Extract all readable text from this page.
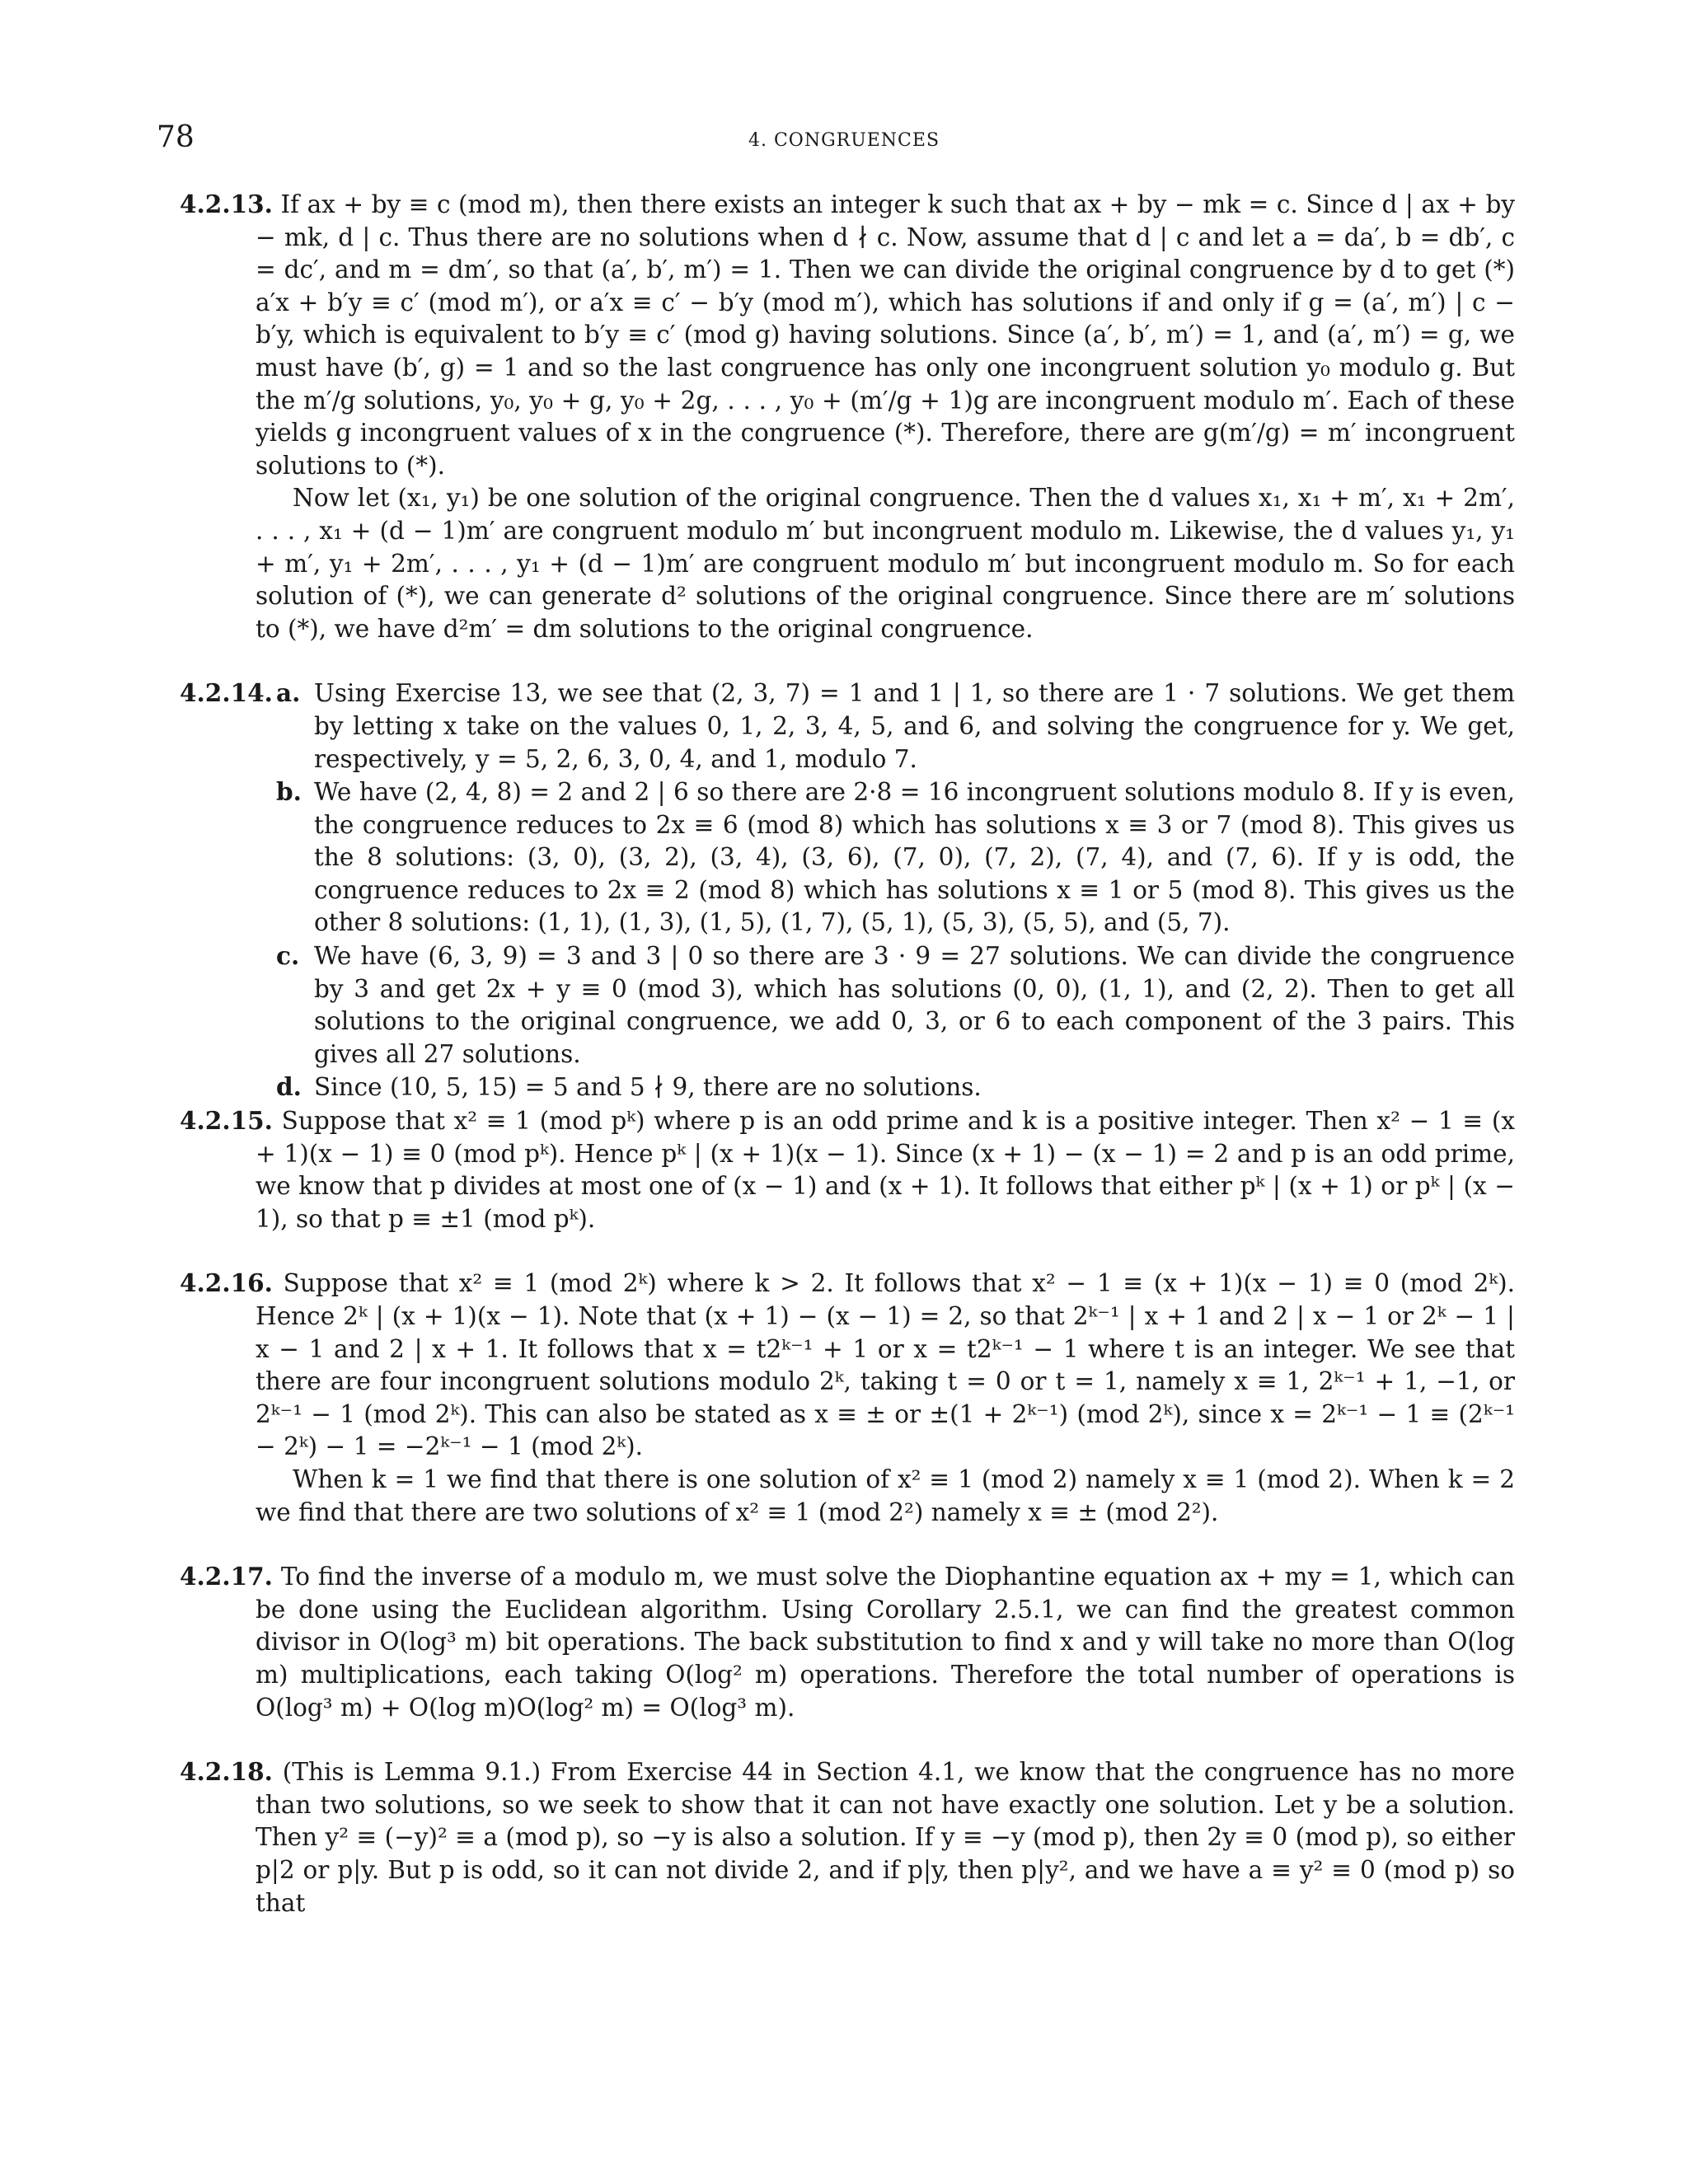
78	4. CONGRUENCES

4.2.13. If ax + by ≡ c (mod m), then there exists an integer k such that ax + by − mk = c. Since d | ax + by − mk, d | c. Thus there are no solutions when d ∤ c. Now, assume that d | c and let a = da′, b = db′, c = dc′, and m = dm′, so that (a′, b′, m′) = 1. Then we can divide the original congruence by d to get (*) a′x + b′y ≡ c′ (mod m′), or a′x ≡ c′ − b′y (mod m′), which has solutions if and only if g = (a′, m′) | c − b′y, which is equivalent to b′y ≡ c′ (mod g) having solutions. Since (a′, b′, m′) = 1, and (a′, m′) = g, we must have (b′, g) = 1 and so the last congruence has only one incongruent solution y₀ modulo g. But the m′/g solutions, y₀, y₀ + g, y₀ + 2g, . . . , y₀ + (m′/g + 1)g are incongruent modulo m′. Each of these yields g incongruent values of x in the congruence (*). Therefore, there are g(m′/g) = m′ incongruent solutions to (*).

Now let (x₁, y₁) be one solution of the original congruence. Then the d values x₁, x₁ + m′, x₁ + 2m′, . . . , x₁ + (d − 1)m′ are congruent modulo m′ but incongruent modulo m. Likewise, the d values y₁, y₁ + m′, y₁ + 2m′, . . . , y₁ + (d − 1)m′ are congruent modulo m′ but incongruent modulo m. So for each solution of (*), we can generate d² solutions of the original congruence. Since there are m′ solutions to (*), we have d²m′ = dm solutions to the original congruence.

4.2.14. a. Using Exercise 13, we see that (2, 3, 7) = 1 and 1 | 1, so there are 1 · 7 solutions. We get them by letting x take on the values 0, 1, 2, 3, 4, 5, and 6, and solving the congruence for y. We get, respectively, y = 5, 2, 6, 3, 0, 4, and 1, modulo 7.

b. We have (2, 4, 8) = 2 and 2 | 6 so there are 2·8 = 16 incongruent solutions modulo 8. If y is even, the congruence reduces to 2x ≡ 6 (mod 8) which has solutions x ≡ 3 or 7 (mod 8). This gives us the 8 solutions: (3, 0), (3, 2), (3, 4), (3, 6), (7, 0), (7, 2), (7, 4), and (7, 6). If y is odd, the congruence reduces to 2x ≡ 2 (mod 8) which has solutions x ≡ 1 or 5 (mod 8). This gives us the other 8 solutions: (1, 1), (1, 3), (1, 5), (1, 7), (5, 1), (5, 3), (5, 5), and (5, 7).

c. We have (6, 3, 9) = 3 and 3 | 0 so there are 3 · 9 = 27 solutions. We can divide the congruence by 3 and get 2x + y ≡ 0 (mod 3), which has solutions (0, 0), (1, 1), and (2, 2). Then to get all solutions to the original congruence, we add 0, 3, or 6 to each component of the 3 pairs. This gives all 27 solutions.

d. Since (10, 5, 15) = 5 and 5 ∤ 9, there are no solutions.

4.2.15. Suppose that x² ≡ 1 (mod pᵏ) where p is an odd prime and k is a positive integer. Then x² − 1 ≡ (x + 1)(x − 1) ≡ 0 (mod pᵏ). Hence pᵏ | (x + 1)(x − 1). Since (x + 1) − (x − 1) = 2 and p is an odd prime, we know that p divides at most one of (x − 1) and (x + 1). It follows that either pᵏ | (x + 1) or pᵏ | (x − 1), so that p ≡ ±1 (mod pᵏ).

4.2.16. Suppose that x² ≡ 1 (mod 2ᵏ) where k > 2. It follows that x² − 1 ≡ (x + 1)(x − 1) ≡ 0 (mod 2ᵏ). Hence 2ᵏ | (x + 1)(x − 1). Note that (x + 1) − (x − 1) = 2, so that 2ᵏ⁻¹ | x + 1 and 2 | x − 1 or 2ᵏ − 1 | x − 1 and 2 | x + 1. It follows that x = t2ᵏ⁻¹ + 1 or x = t2ᵏ⁻¹ − 1 where t is an integer. We see that there are four incongruent solutions modulo 2ᵏ, taking t = 0 or t = 1, namely x ≡ 1, 2ᵏ⁻¹ + 1, −1, or 2ᵏ⁻¹ − 1 (mod 2ᵏ). This can also be stated as x ≡ ± or ±(1 + 2ᵏ⁻¹) (mod 2ᵏ), since x = 2ᵏ⁻¹ − 1 ≡ (2ᵏ⁻¹ − 2ᵏ) − 1 = −2ᵏ⁻¹ − 1 (mod 2ᵏ).

When k = 1 we find that there is one solution of x² ≡ 1 (mod 2) namely x ≡ 1 (mod 2). When k = 2 we find that there are two solutions of x² ≡ 1 (mod 2²) namely x ≡ ± (mod 2²).

4.2.17. To find the inverse of a modulo m, we must solve the Diophantine equation ax + my = 1, which can be done using the Euclidean algorithm. Using Corollary 2.5.1, we can find the greatest common divisor in O(log³ m) bit operations. The back substitution to find x and y will take no more than O(log m) multiplications, each taking O(log² m) operations. Therefore the total number of operations is O(log³ m) + O(log m)O(log² m) = O(log³ m).

4.2.18. (This is Lemma 9.1.) From Exercise 44 in Section 4.1, we know that the congruence has no more than two solutions, so we seek to show that it can not have exactly one solution. Let y be a solution. Then y² ≡ (−y)² ≡ a (mod p), so −y is also a solution. If y ≡ −y (mod p), then 2y ≡ 0 (mod p), so either p|2 or p|y. But p is odd, so it can not divide 2, and if p|y, then p|y², and we have a ≡ y² ≡ 0 (mod p) so that
